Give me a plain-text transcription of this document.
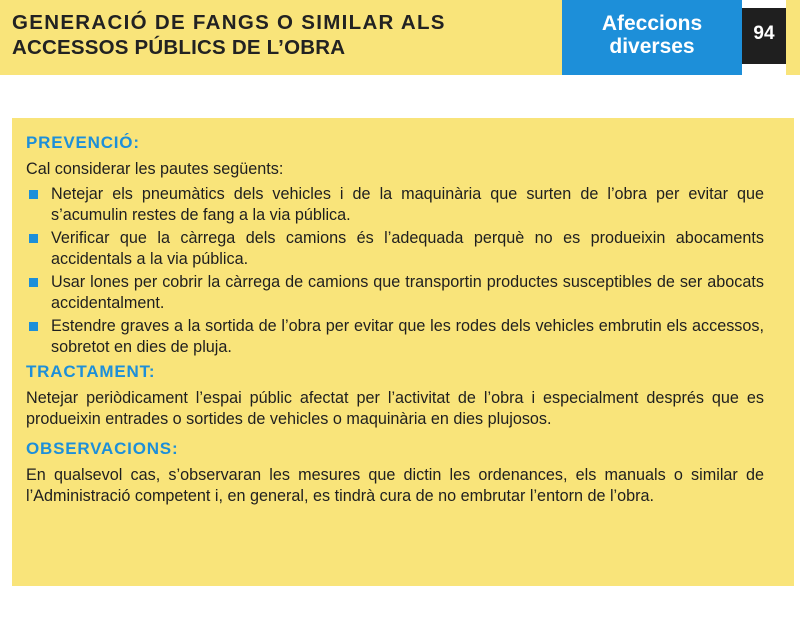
GENERACIÓ DE FANGS O SIMILAR ALS
ACCESSOS PÚBLICS DE L’OBRA
Afeccions
diverses
94
PREVENCIÓ:
Cal considerar les pautes següents:
Netejar els pneumàtics dels vehicles i de la maquinària que surten de l’obra per evitar que s’acumulin restes de fang a la via pública.
Verificar que la càrrega dels camions és l’adequada perquè no es produeixin abocaments accidentals a la via pública.
Usar lones per cobrir la càrrega de camions que transportin productes susceptibles de ser abocats accidentalment.
Estendre graves a la sortida de l’obra per evitar que les rodes dels vehicles embrutin els accessos, sobretot en dies de pluja.
TRACTAMENT:
Netejar periòdicament l’espai públic afectat per l’activitat de l’obra i especialment després que es produeixin entrades o sortides de vehicles o maquinària en dies plujosos.
OBSERVACIONS:
En qualsevol cas, s’observaran les mesures que dictin les ordenances, els manuals o similar de l’Administració competent i, en general, es tindrà cura de no embrutar l’entorn de l’obra.
